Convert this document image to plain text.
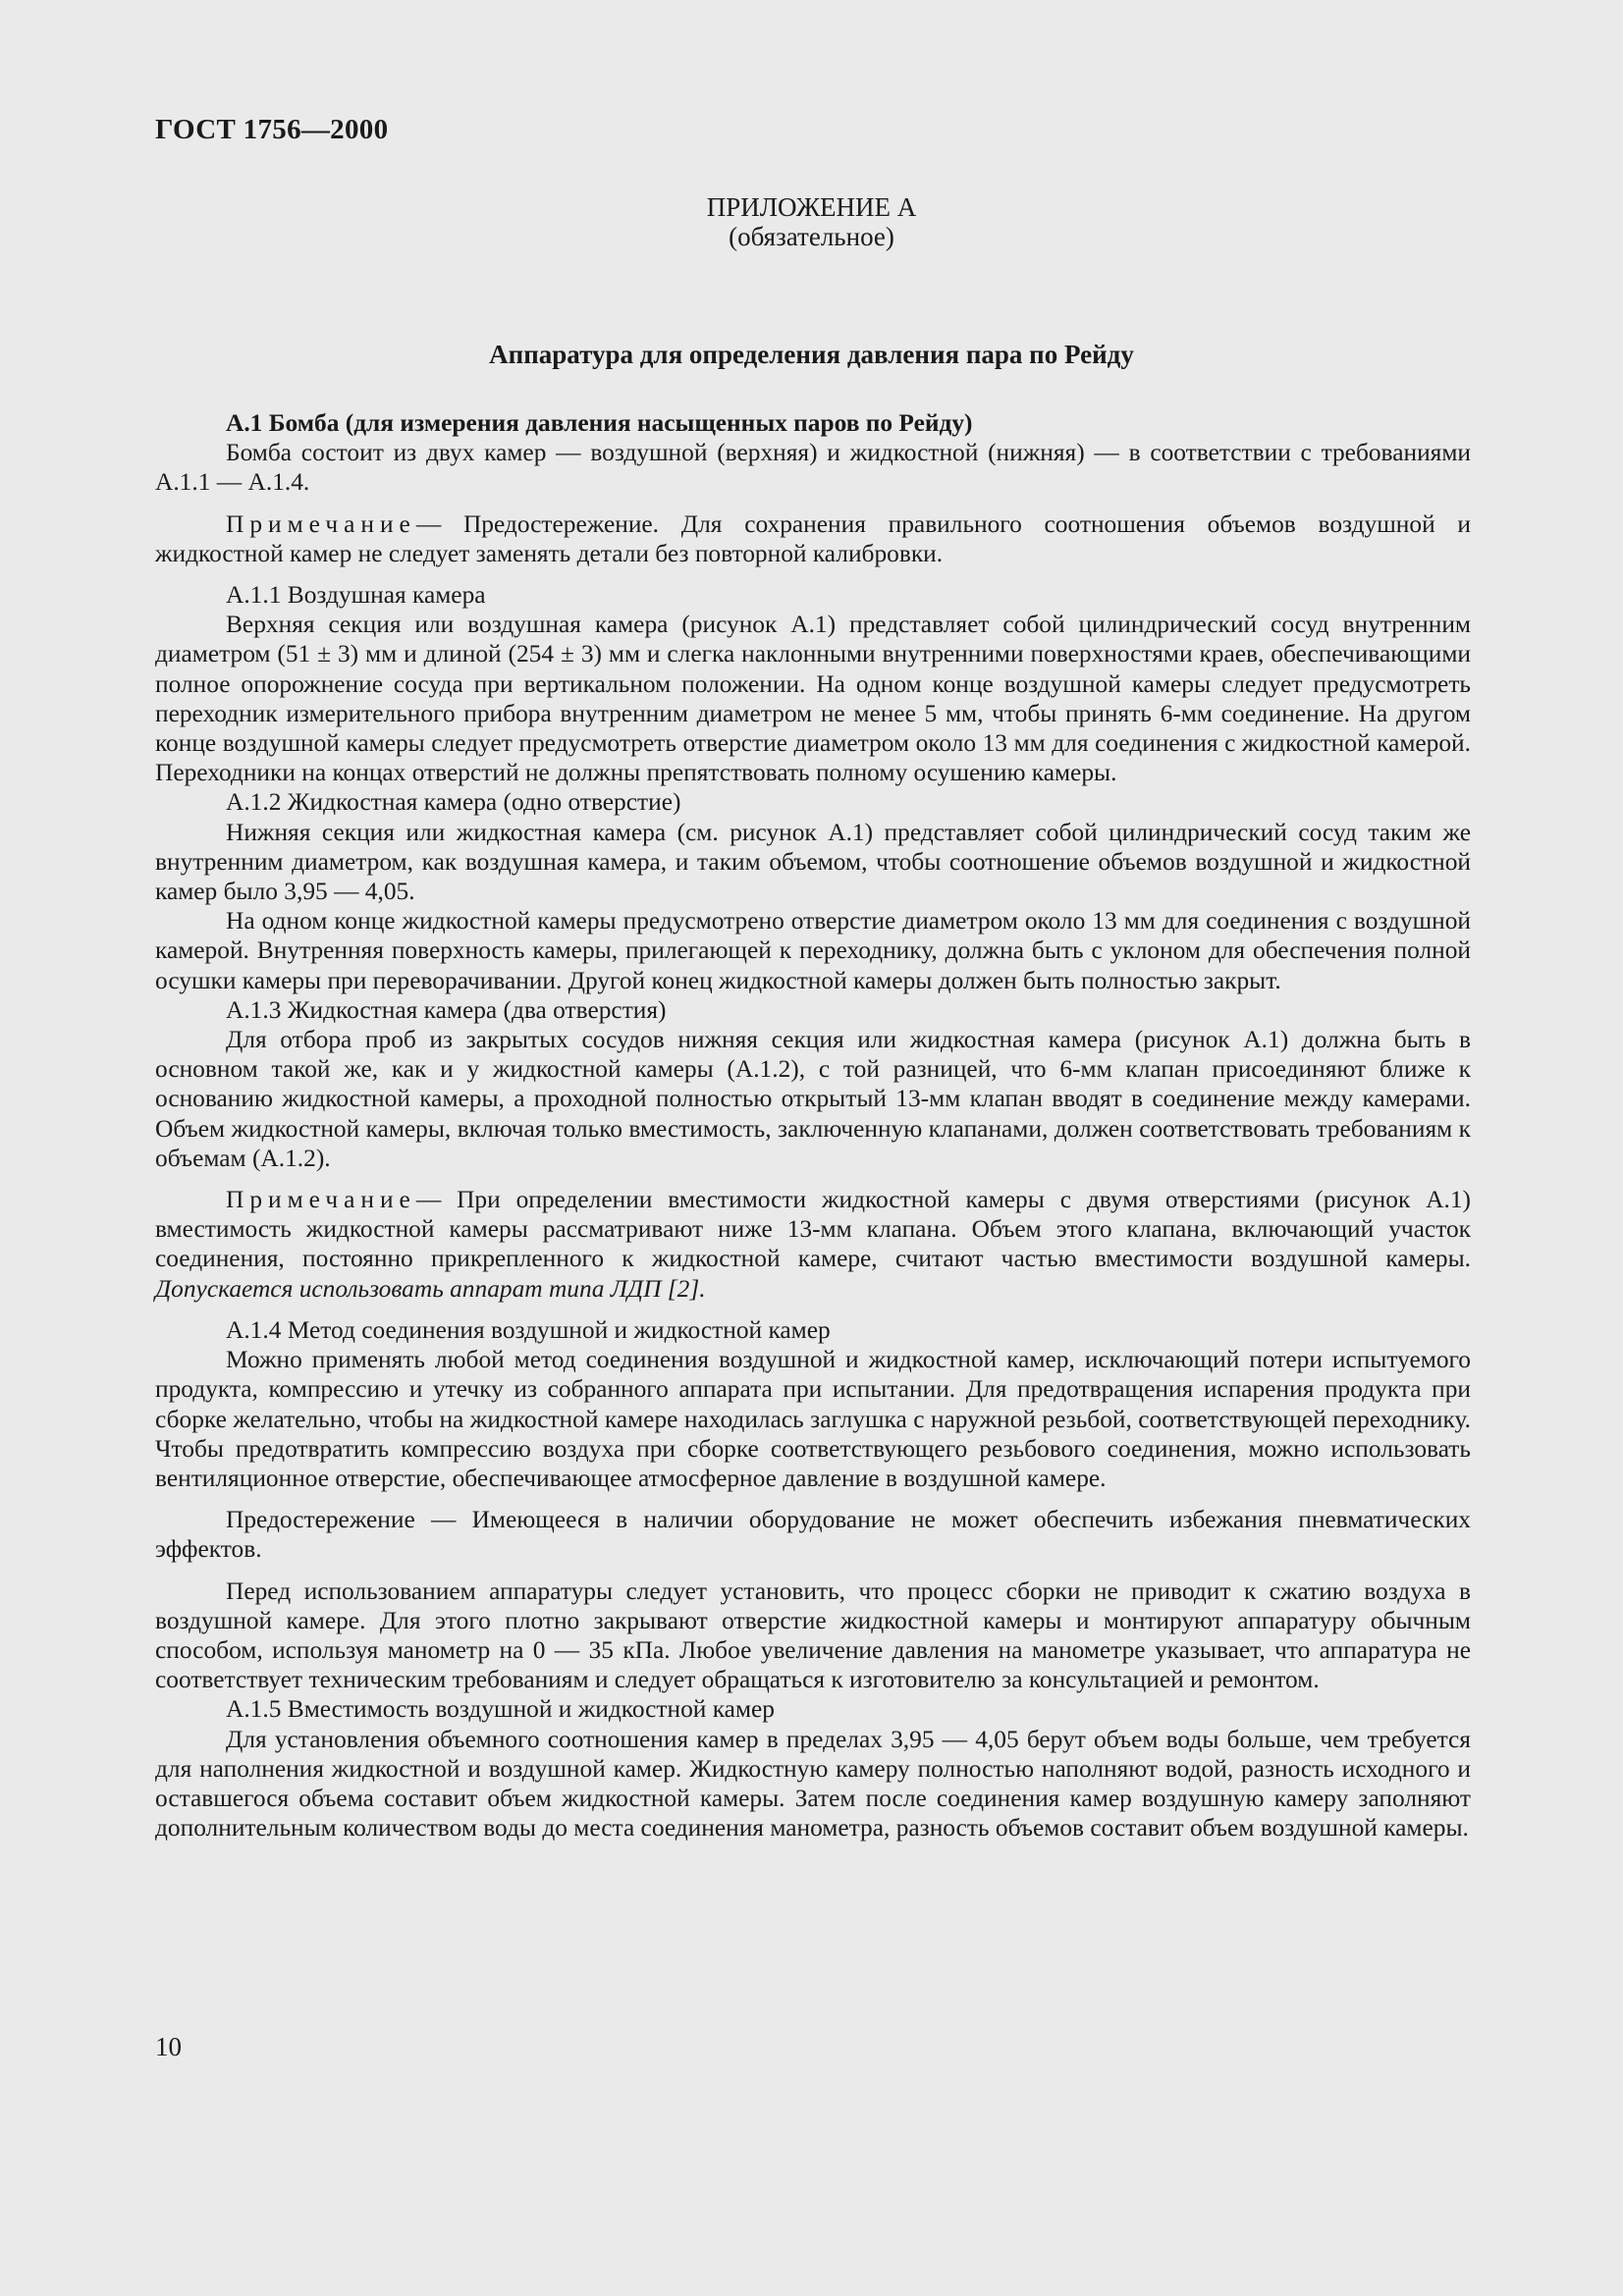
ГОСТ 1756—2000
ПРИЛОЖЕНИЕ А
(обязательное)
Аппаратура для определения давления пара по Рейду

А.1 Бомба (для измерения давления насыщенных паров по Рейду)

Бомба состоит из двух камер — воздушной (верхняя) и жидкостной (нижняя) — в соответствии с требованиями А.1.1 — А.1.4.

Примечание— Предостережение. Для сохранения правильного соотношения объемов воздушной и жидкостной камер не следует заменять детали без повторной калибровки.

А.1.1 Воздушная камера

Верхняя секция или воздушная камера (рисунок А.1) представляет собой цилиндрический сосуд внутренним диаметром (51 ± 3) мм и длиной (254 ± 3) мм и слегка наклонными внутренними поверхностями краев, обеспечивающими полное опорожнение сосуда при вертикальном положении. На одном конце воздушной камеры следует предусмотреть переходник измерительного прибора внутренним диаметром не менее 5 мм, чтобы принять 6-мм соединение. На другом конце воздушной камеры следует предусмотреть отверстие диаметром около 13 мм для соединения с жидкостной камерой. Переходники на концах отверстий не должны препятствовать полному осушению камеры.

А.1.2 Жидкостная камера (одно отверстие)

Нижняя секция или жидкостная камера (см. рисунок А.1) представляет собой цилиндрический сосуд таким же внутренним диаметром, как воздушная камера, и таким объемом, чтобы соотношение объемов воздушной и жидкостной камер было 3,95 — 4,05.

На одном конце жидкостной камеры предусмотрено отверстие диаметром около 13 мм для соединения с воздушной камерой. Внутренняя поверхность камеры, прилегающей к переходнику, должна быть с уклоном для обеспечения полной осушки камеры при переворачивании. Другой конец жидкостной камеры должен быть полностью закрыт.

А.1.3 Жидкостная камера (два отверстия)

Для отбора проб из закрытых сосудов нижняя секция или жидкостная камера (рисунок А.1) должна быть в основном такой же, как и у жидкостной камеры (А.1.2), с той разницей, что 6-мм клапан присоединяют ближе к основанию жидкостной камеры, а проходной полностью открытый 13-мм клапан вводят в соединение между камерами. Объем жидкостной камеры, включая только вместимость, заключенную клапанами, должен соответствовать требованиям к объемам (А.1.2).

Примечание— При определении вместимости жидкостной камеры с двумя отверстиями (рисунок А.1) вместимость жидкостной камеры рассматривают ниже 13-мм клапана. Объем этого клапана, включающий участок соединения, постоянно прикрепленного к жидкостной камере, считают частью вместимости воздушной камеры. Допускается использовать аппарат типа ЛДП [2].

А.1.4 Метод соединения воздушной и жидкостной камер

Можно применять любой метод соединения воздушной и жидкостной камер, исключающий потери испытуемого продукта, компрессию и утечку из собранного аппарата при испытании. Для предотвращения испарения продукта при сборке желательно, чтобы на жидкостной камере находилась заглушка с наружной резьбой, соответствующей переходнику. Чтобы предотвратить компрессию воздуха при сборке соответствующего резьбового соединения, можно использовать вентиляционное отверстие, обеспечивающее атмосферное давление в воздушной камере.

Предостережение — Имеющееся в наличии оборудование не может обеспечить избежания пневматических эффектов.

Перед использованием аппаратуры следует установить, что процесс сборки не приводит к сжатию воздуха в воздушной камере. Для этого плотно закрывают отверстие жидкостной камеры и монтируют аппаратуру обычным способом, используя манометр на 0 — 35 кПа. Любое увеличение давления на манометре указывает, что аппаратура не соответствует техническим требованиям и следует обращаться к изготовителю за консультацией и ремонтом.

А.1.5 Вместимость воздушной и жидкостной камер

Для установления объемного соотношения камер в пределах 3,95 — 4,05 берут объем воды больше, чем требуется для наполнения жидкостной и воздушной камер. Жидкостную камеру полностью наполняют водой, разность исходного и оставшегося объема составит объем жидкостной камеры. Затем после соединения камер воздушную камеру заполняют дополнительным количеством воды до места соединения манометра, разность объемов составит объем воздушной камеры.

10
